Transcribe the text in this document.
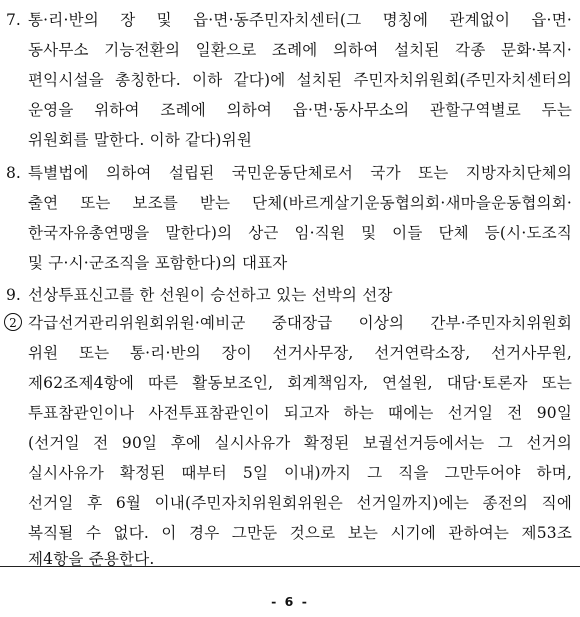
7. 통·리·반의 장 및 읍·면·동주민자치센터(그 명칭에 관계없이 읍·면·
동사무소 기능전환의 일환으로 조례에 의하여 설치된 각종 문화·복지·
편익시설을 총칭한다. 이하 같다)에 설치된 주민자치위원회(주민자치센터의
운영을 위하여 조례에 의하여 읍·면·동사무소의 관할구역별로 두는
위원회를 말한다. 이하 같다)위원
8. 특별법에 의하여 설립된 국민운동단체로서 국가 또는 지방자치단체의
출연 또는 보조를 받는 단체(바르게살기운동협의회·새마을운동협의회·
한국자유총연맹을 말한다)의 상근 임·직원 및 이들 단체 등(시·도조직
및 구·시·군조직을 포함한다)의 대표자
9. 선상투표신고를 한 선원이 승선하고 있는 선박의 선장
2 각급선거관리위원회위원·예비군 중대장급 이상의 간부·주민자치위원회
위원 또는 통·리·반의 장이 선거사무장, 선거연락소장, 선거사무원,
제62조제4항에 따른 활동보조인, 회계책임자, 연설원, 대담·토론자 또는
투표참관인이나 사전투표참관인이 되고자 하는 때에는 선거일 전 90일
(선거일 전 90일 후에 실시사유가 확정된 보궐선거등에서는 그 선거의
실시사유가 확정된 때부터 5일 이내)까지 그 직을 그만두어야 하며,
선거일 후 6월 이내(주민자치위원회위원은 선거일까지)에는 종전의 직에
복직될 수 없다. 이 경우 그만둔 것으로 보는 시기에 관하여는 제53조
제4항을 준용한다.
- 6 -
